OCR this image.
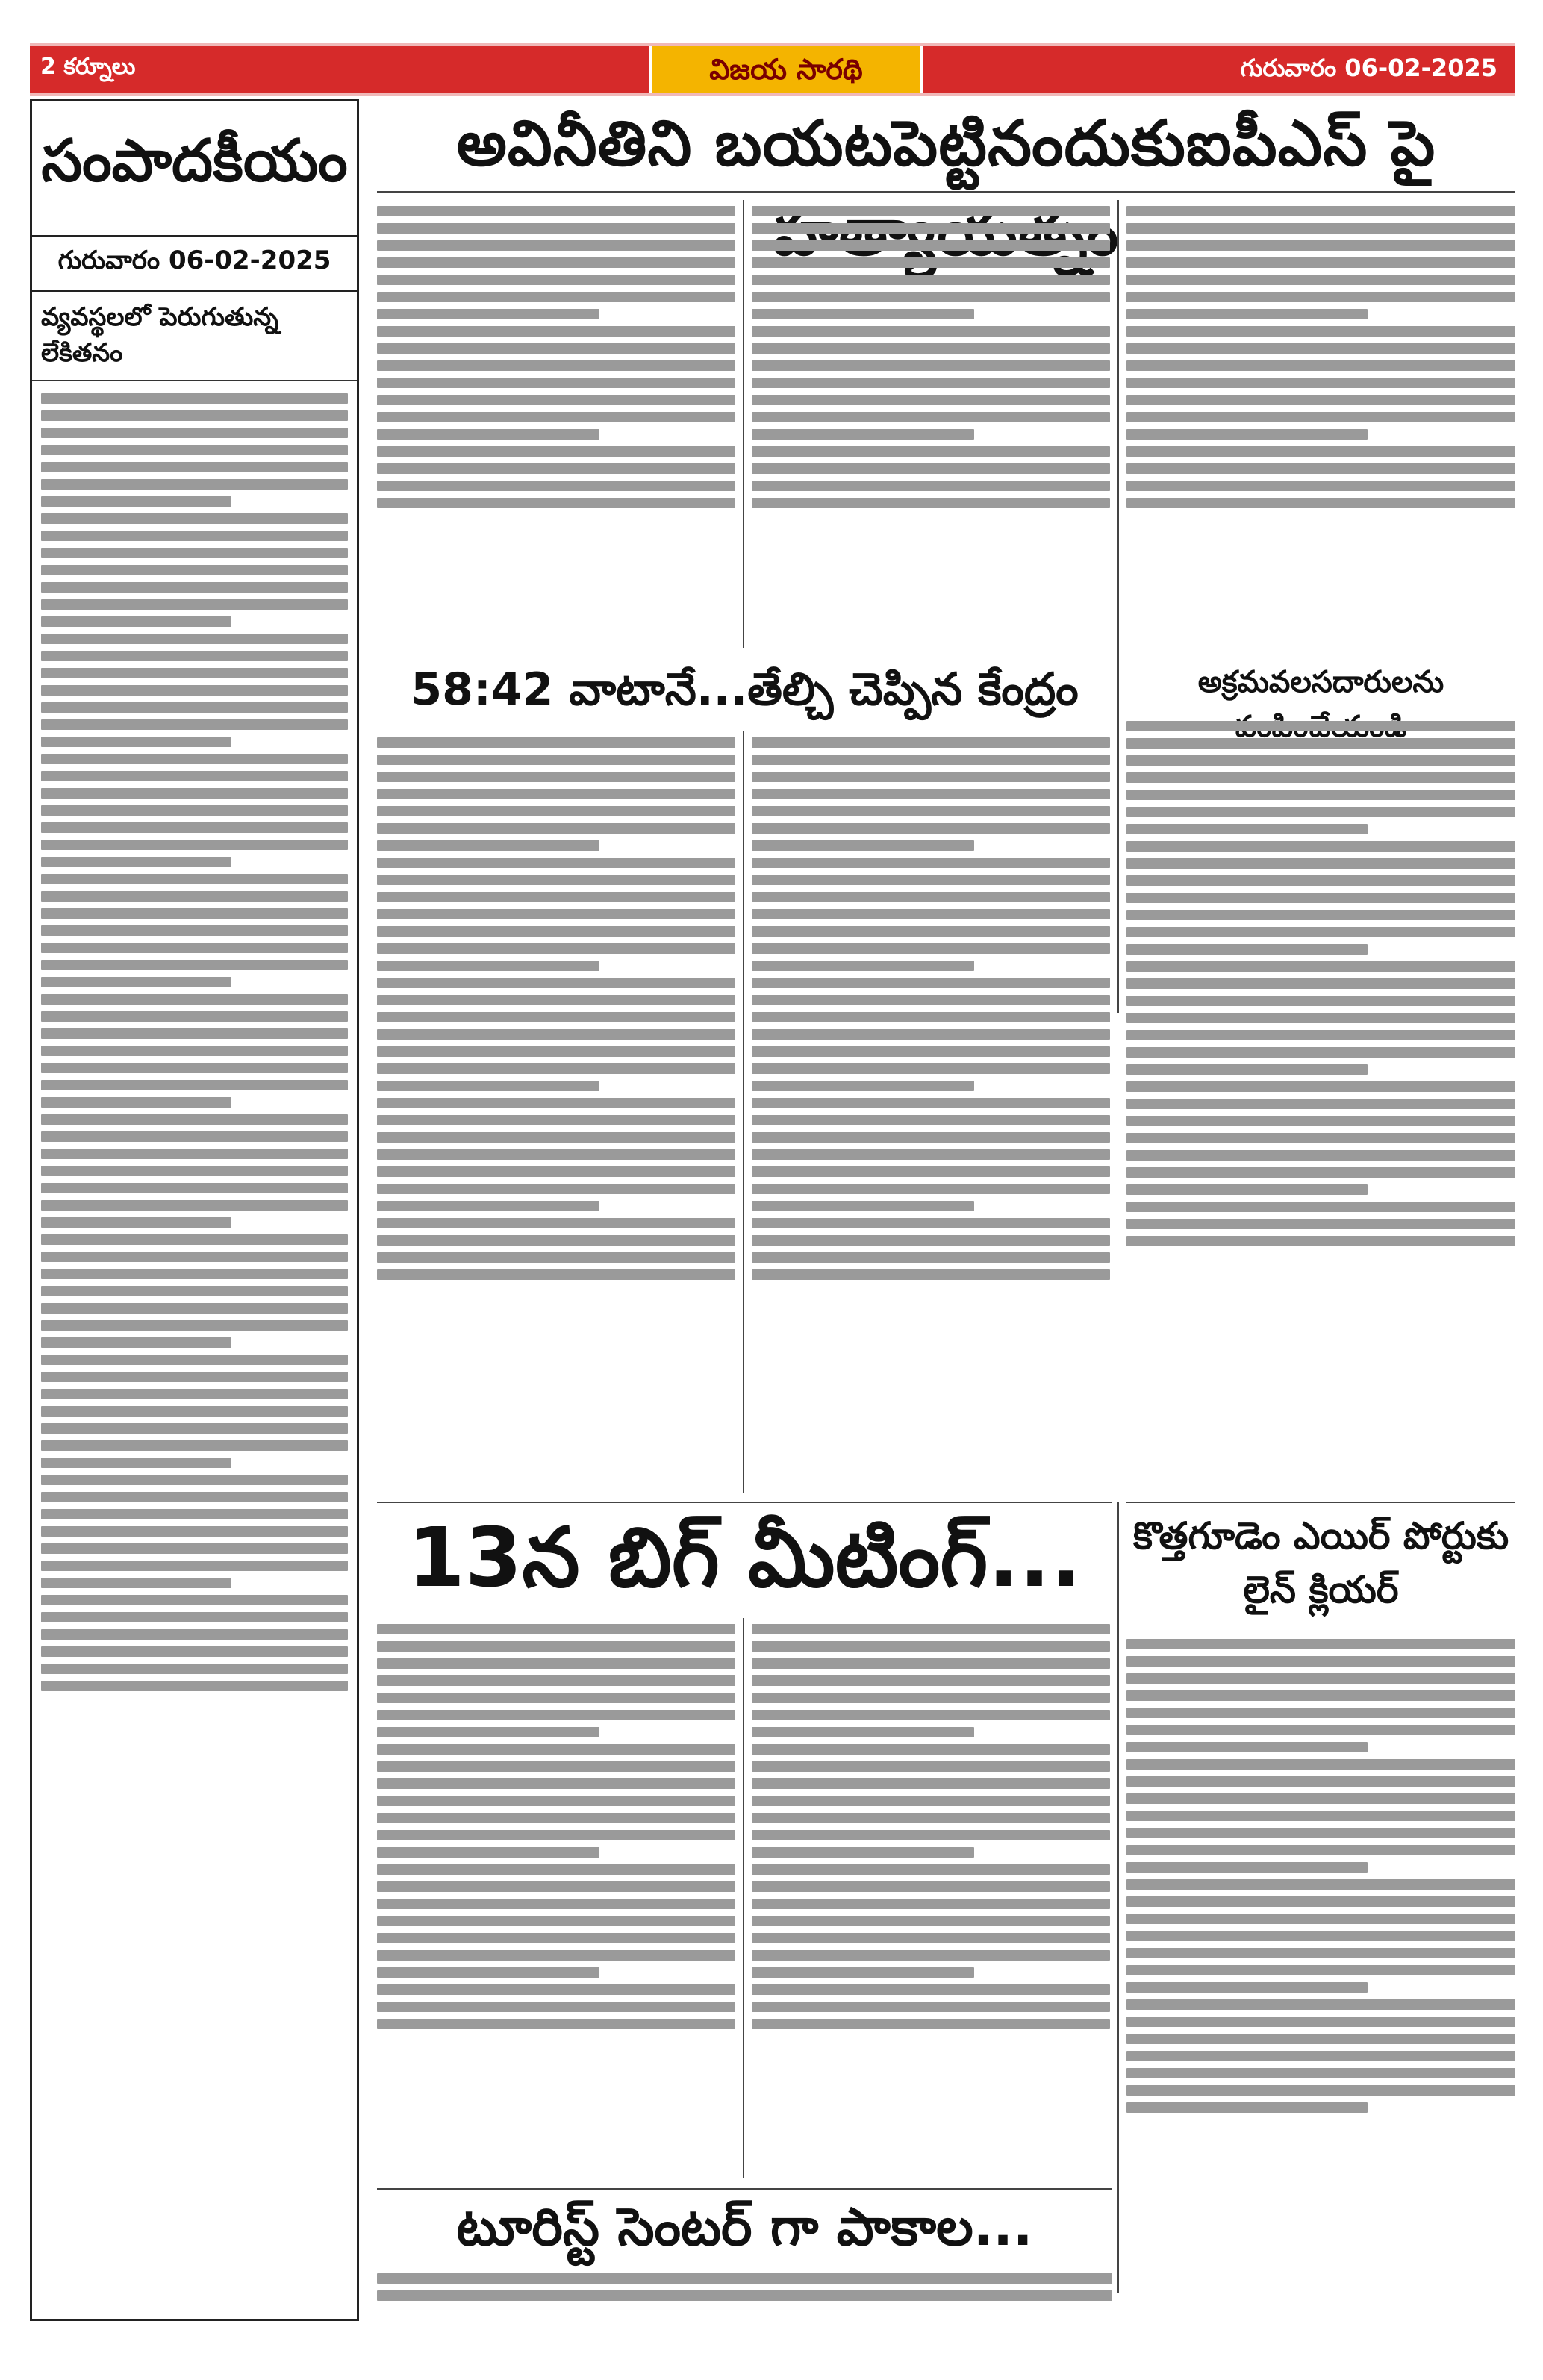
2 కర్నూలు	విజయ సారథి	గురువారం 06-02-2025
సంపాదకీయం
గురువారం 06-02-2025
వ్యవస్థలలో పెరుగుతున్న లేకితనం
అవినీతిని బయటపెట్టినందుకుఐపీఎస్ పై
58:42 వాటానే...తేల్చి చెప్పిన కేంద్రం	అక్రమవలసదారులను
13న బిగ్ మీటింగ్...	కొత్తగూడెం ఎయిర్ పోర్టుకు లైన్ క్లియర్
టూరిస్ట్ సెంటర్ గా పాకాల...
